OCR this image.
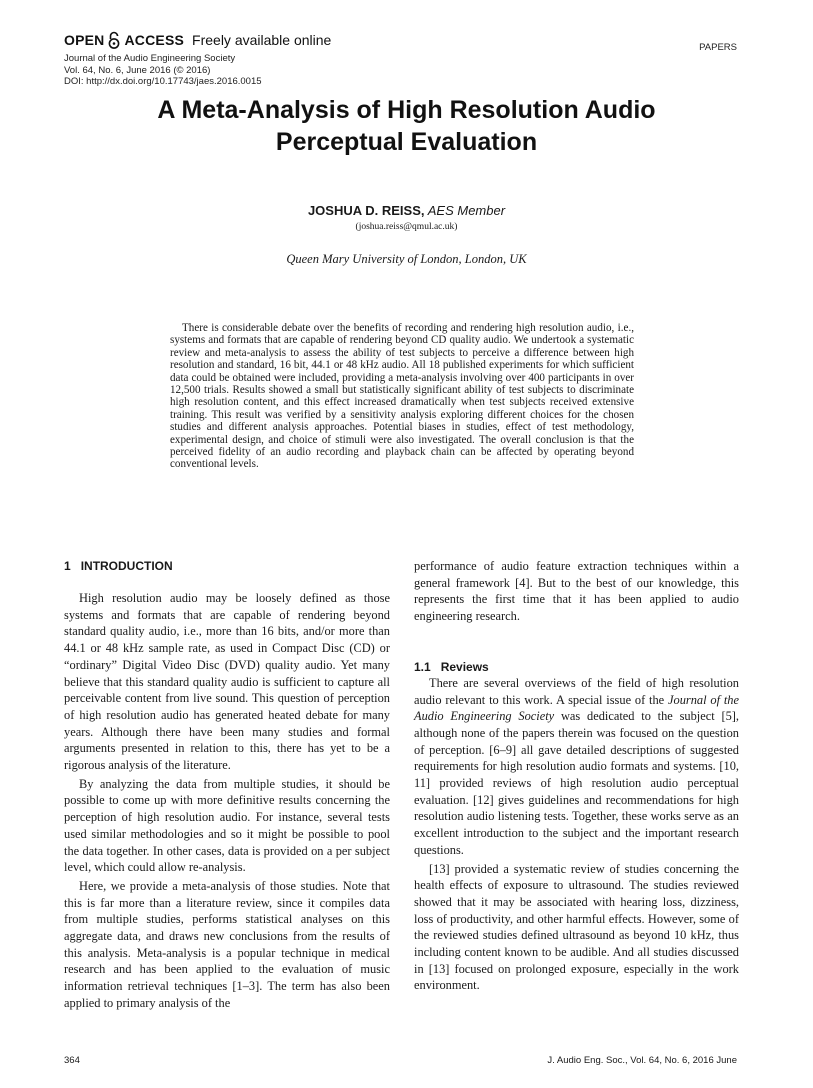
OPEN ACCESS Freely available online
Journal of the Audio Engineering Society
Vol. 64, No. 6, June 2016 (© 2016)
DOI: http://dx.doi.org/10.17743/jaes.2016.0015
PAPERS
A Meta-Analysis of High Resolution Audio
Perceptual Evaluation
JOSHUA D. REISS, AES Member
(joshua.reiss@qmul.ac.uk)
Queen Mary University of London, London, UK
There is considerable debate over the benefits of recording and rendering high resolution audio, i.e., systems and formats that are capable of rendering beyond CD quality audio. We undertook a systematic review and meta-analysis to assess the ability of test subjects to perceive a difference between high resolution and standard, 16 bit, 44.1 or 48 kHz audio. All 18 published experiments for which sufficient data could be obtained were included, providing a meta-analysis involving over 400 participants in over 12,500 trials. Results showed a small but statistically significant ability of test subjects to discriminate high resolution content, and this effect increased dramatically when test subjects received extensive training. This result was verified by a sensitivity analysis exploring different choices for the chosen studies and different analysis approaches. Potential biases in studies, effect of test methodology, experimental design, and choice of stimuli were also investigated. The overall conclusion is that the perceived fidelity of an audio recording and playback chain can be affected by operating beyond conventional levels.
1 INTRODUCTION

High resolution audio may be loosely defined as those systems and formats that are capable of rendering beyond standard quality audio, i.e., more than 16 bits, and/or more than 44.1 or 48 kHz sample rate, as used in Compact Disc (CD) or “ordinary” Digital Video Disc (DVD) quality audio. Yet many believe that this standard quality audio is sufficient to capture all perceivable content from live sound. This question of perception of high resolution audio has generated heated debate for many years. Although there have been many studies and formal arguments presented in relation to this, there has yet to be a rigorous analysis of the literature.

By analyzing the data from multiple studies, it should be possible to come up with more definitive results concerning the perception of high resolution audio. For instance, several tests used similar methodologies and so it might be possible to pool the data together. In other cases, data is provided on a per subject level, which could allow re-analysis.

Here, we provide a meta-analysis of those studies. Note that this is far more than a literature review, since it compiles data from multiple studies, performs statistical analyses on this aggregate data, and draws new conclusions from the results of this analysis. Meta-analysis is a popular technique in medical research and has been applied to the evaluation of music information retrieval techniques [1–3]. The term has also been applied to primary analysis of the

performance of audio feature extraction techniques within a general framework [4]. But to the best of our knowledge, this represents the first time that it has been applied to audio engineering research.

1.1 Reviews

There are several overviews of the field of high resolution audio relevant to this work. A special issue of the Journal of the Audio Engineering Society was dedicated to the subject [5], although none of the papers therein was focused on the question of perception. [6–9] all gave detailed descriptions of suggested requirements for high resolution audio formats and systems. [10, 11] provided reviews of high resolution audio perceptual evaluation. [12] gives guidelines and recommendations for high resolution audio listening tests. Together, these works serve as an excellent introduction to the subject and the important research questions.

[13] provided a systematic review of studies concerning the health effects of exposure to ultrasound. The studies reviewed showed that it may be associated with hearing loss, dizziness, loss of productivity, and other harmful effects. However, some of the reviewed studies defined ultrasound as beyond 10 kHz, thus including content known to be audible. And all studies discussed in [13] focused on prolonged exposure, especially in the work environment.

364	J. Audio Eng. Soc., Vol. 64, No. 6, 2016 June
